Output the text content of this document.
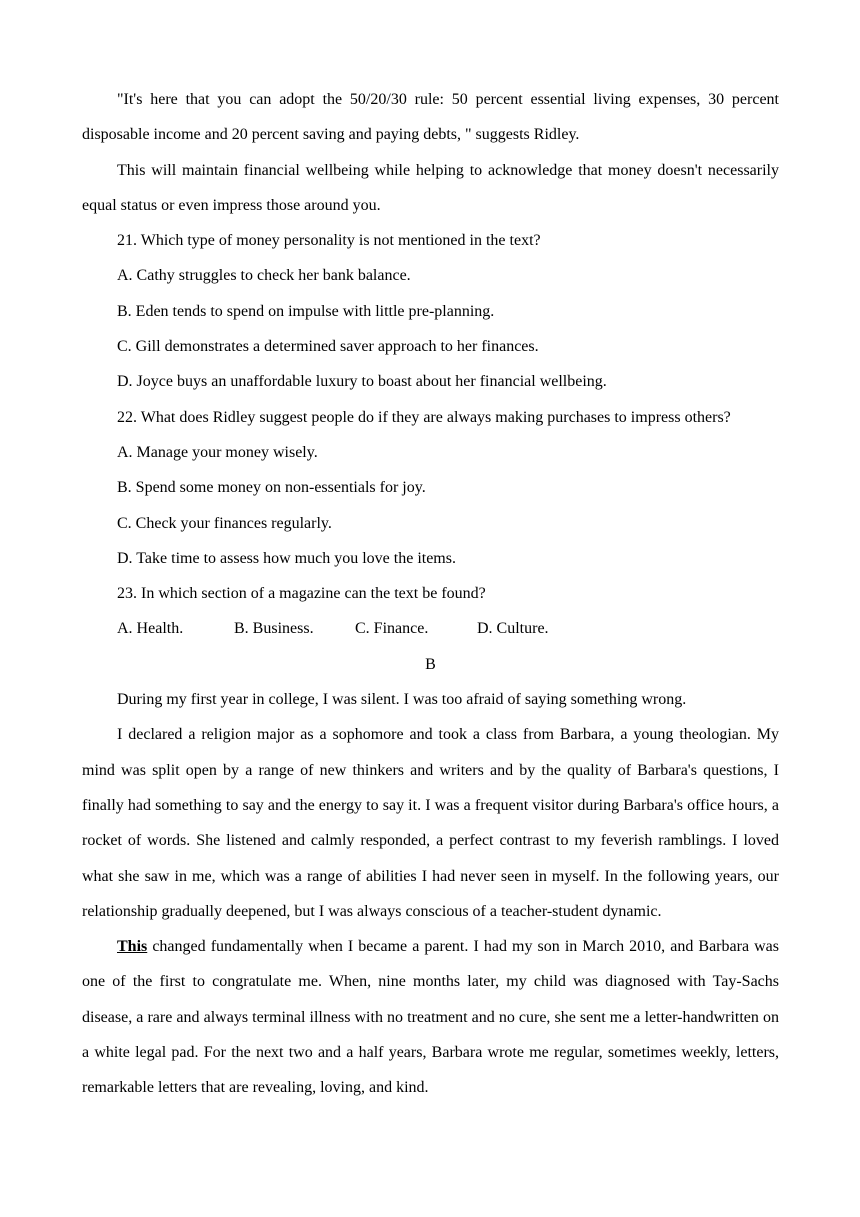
"It's here that you can adopt the 50/20/30 rule: 50 percent essential living expenses, 30 percent disposable income and 20 percent saving and paying debts, " suggests Ridley.

This will maintain financial wellbeing while helping to acknowledge that money doesn't necessarily equal status or even impress those around you.

21. Which type of money personality is not mentioned in the text?

A. Cathy struggles to check her bank balance.

B. Eden tends to spend on impulse with little pre-planning.

C. Gill demonstrates a determined saver approach to her finances.

D. Joyce buys an unaffordable luxury to boast about her financial wellbeing.

22. What does Ridley suggest people do if they are always making purchases to impress others?

A. Manage your money wisely.

B. Spend some money on non-essentials for joy.

C. Check your finances regularly.

D. Take time to assess how much you love the items.

23. In which section of a magazine can the text be found?

A. Health.	B. Business.	C. Finance.	D. Culture.

B

During my first year in college, I was silent. I was too afraid of saying something wrong.

I declared a religion major as a sophomore and took a class from Barbara, a young theologian. My mind was split open by a range of new thinkers and writers and by the quality of Barbara's questions, I finally had something to say and the energy to say it. I was a frequent visitor during Barbara's office hours, a rocket of words. She listened and calmly responded, a perfect contrast to my feverish ramblings. I loved what she saw in me, which was a range of abilities I had never seen in myself. In the following years, our relationship gradually deepened, but I was always conscious of a teacher-student dynamic.

This changed fundamentally when I became a parent. I had my son in March 2010, and Barbara was one of the first to congratulate me. When, nine months later, my child was diagnosed with Tay-Sachs disease, a rare and always terminal illness with no treatment and no cure, she sent me a letter-handwritten on a white legal pad. For the next two and a half years, Barbara wrote me regular, sometimes weekly, letters, remarkable letters that are revealing, loving, and kind.
